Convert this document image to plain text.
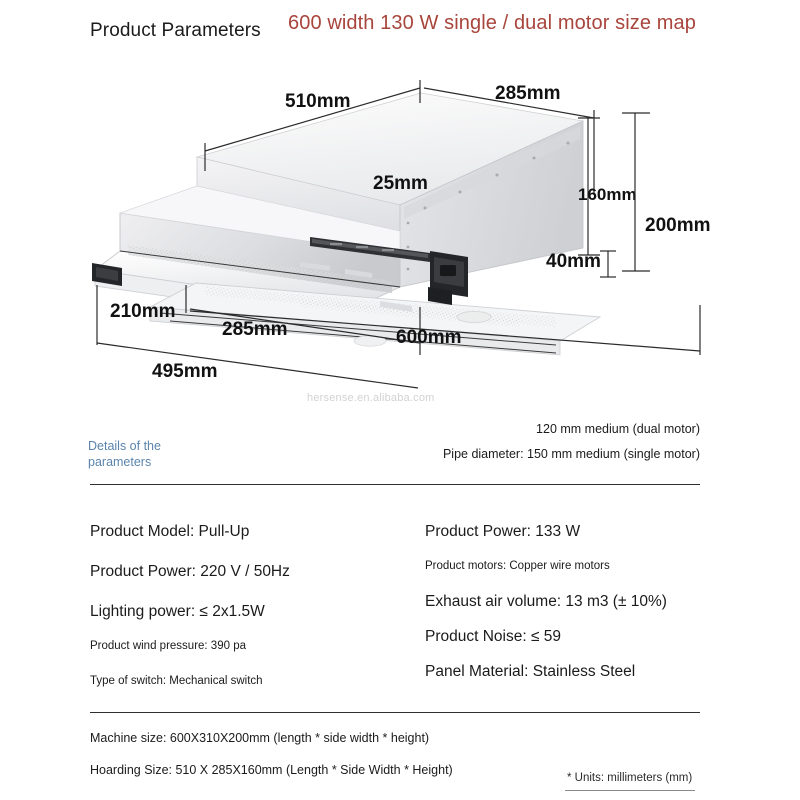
Product Parameters 600 width 130 W single / dual motor size map
510mm	285mm
25mm
160mm
200mm
40mm
210mm
285mm
495mm
600mm
hersense.en.alibaba.com
120 mm medium (dual motor)
Pipe diameter: 150 mm medium (single motor)
Details of the
parameters
Product Model: Pull-Up
Product Power: 220 V / 50Hz
Lighting power: ≤ 2x1.5W
Product wind pressure: 390 pa
Type of switch: Mechanical switch
Product Power: 133 W
Product motors: Copper wire motors
Exhaust air volume: 13 m3 (± 10%)
Product Noise: ≤ 59
Panel Material: Stainless Steel
Machine size: 600X310X200mm (length * side width * height)
Hoarding Size: 510 X 285X160mm (Length * Side Width * Height)
* Units: millimeters (mm)
